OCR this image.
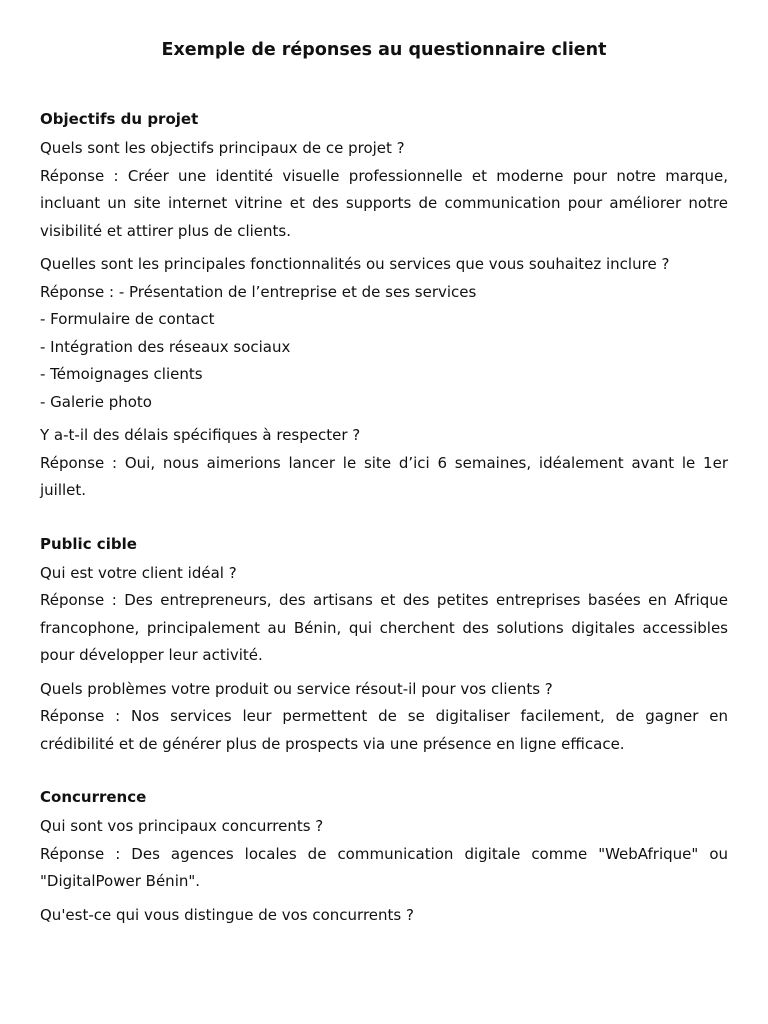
Exemple de réponses au questionnaire client
Objectifs du projet
Quels sont les objectifs principaux de ce projet ?

Réponse : Créer une identité visuelle professionnelle et moderne pour notre marque, incluant un site internet vitrine et des supports de communication pour améliorer notre visibilité et attirer plus de clients.

Quelles sont les principales fonctionnalités ou services que vous souhaitez inclure ?
Réponse : - Présentation de l’entreprise et de ses services
- Formulaire de contact
- Intégration des réseaux sociaux
- Témoignages clients
- Galerie photo
Y a-t-il des délais spécifiques à respecter ?

Réponse : Oui, nous aimerions lancer le site d’ici 6 semaines, idéalement avant le 1er juillet.

Public cible
Qui est votre client idéal ?

Réponse : Des entrepreneurs, des artisans et des petites entreprises basées en Afrique francophone, principalement au Bénin, qui cherchent des solutions digitales accessibles pour développer leur activité.

Quels problèmes votre produit ou service résout-il pour vos clients ?

Réponse : Nos services leur permettent de se digitaliser facilement, de gagner en crédibilité et de générer plus de prospects via une présence en ligne efficace.

Concurrence
Qui sont vos principaux concurrents ?

Réponse : Des agences locales de communication digitale comme "WebAfrique" ou "DigitalPower Bénin".

Qu'est-ce qui vous distingue de vos concurrents ?
